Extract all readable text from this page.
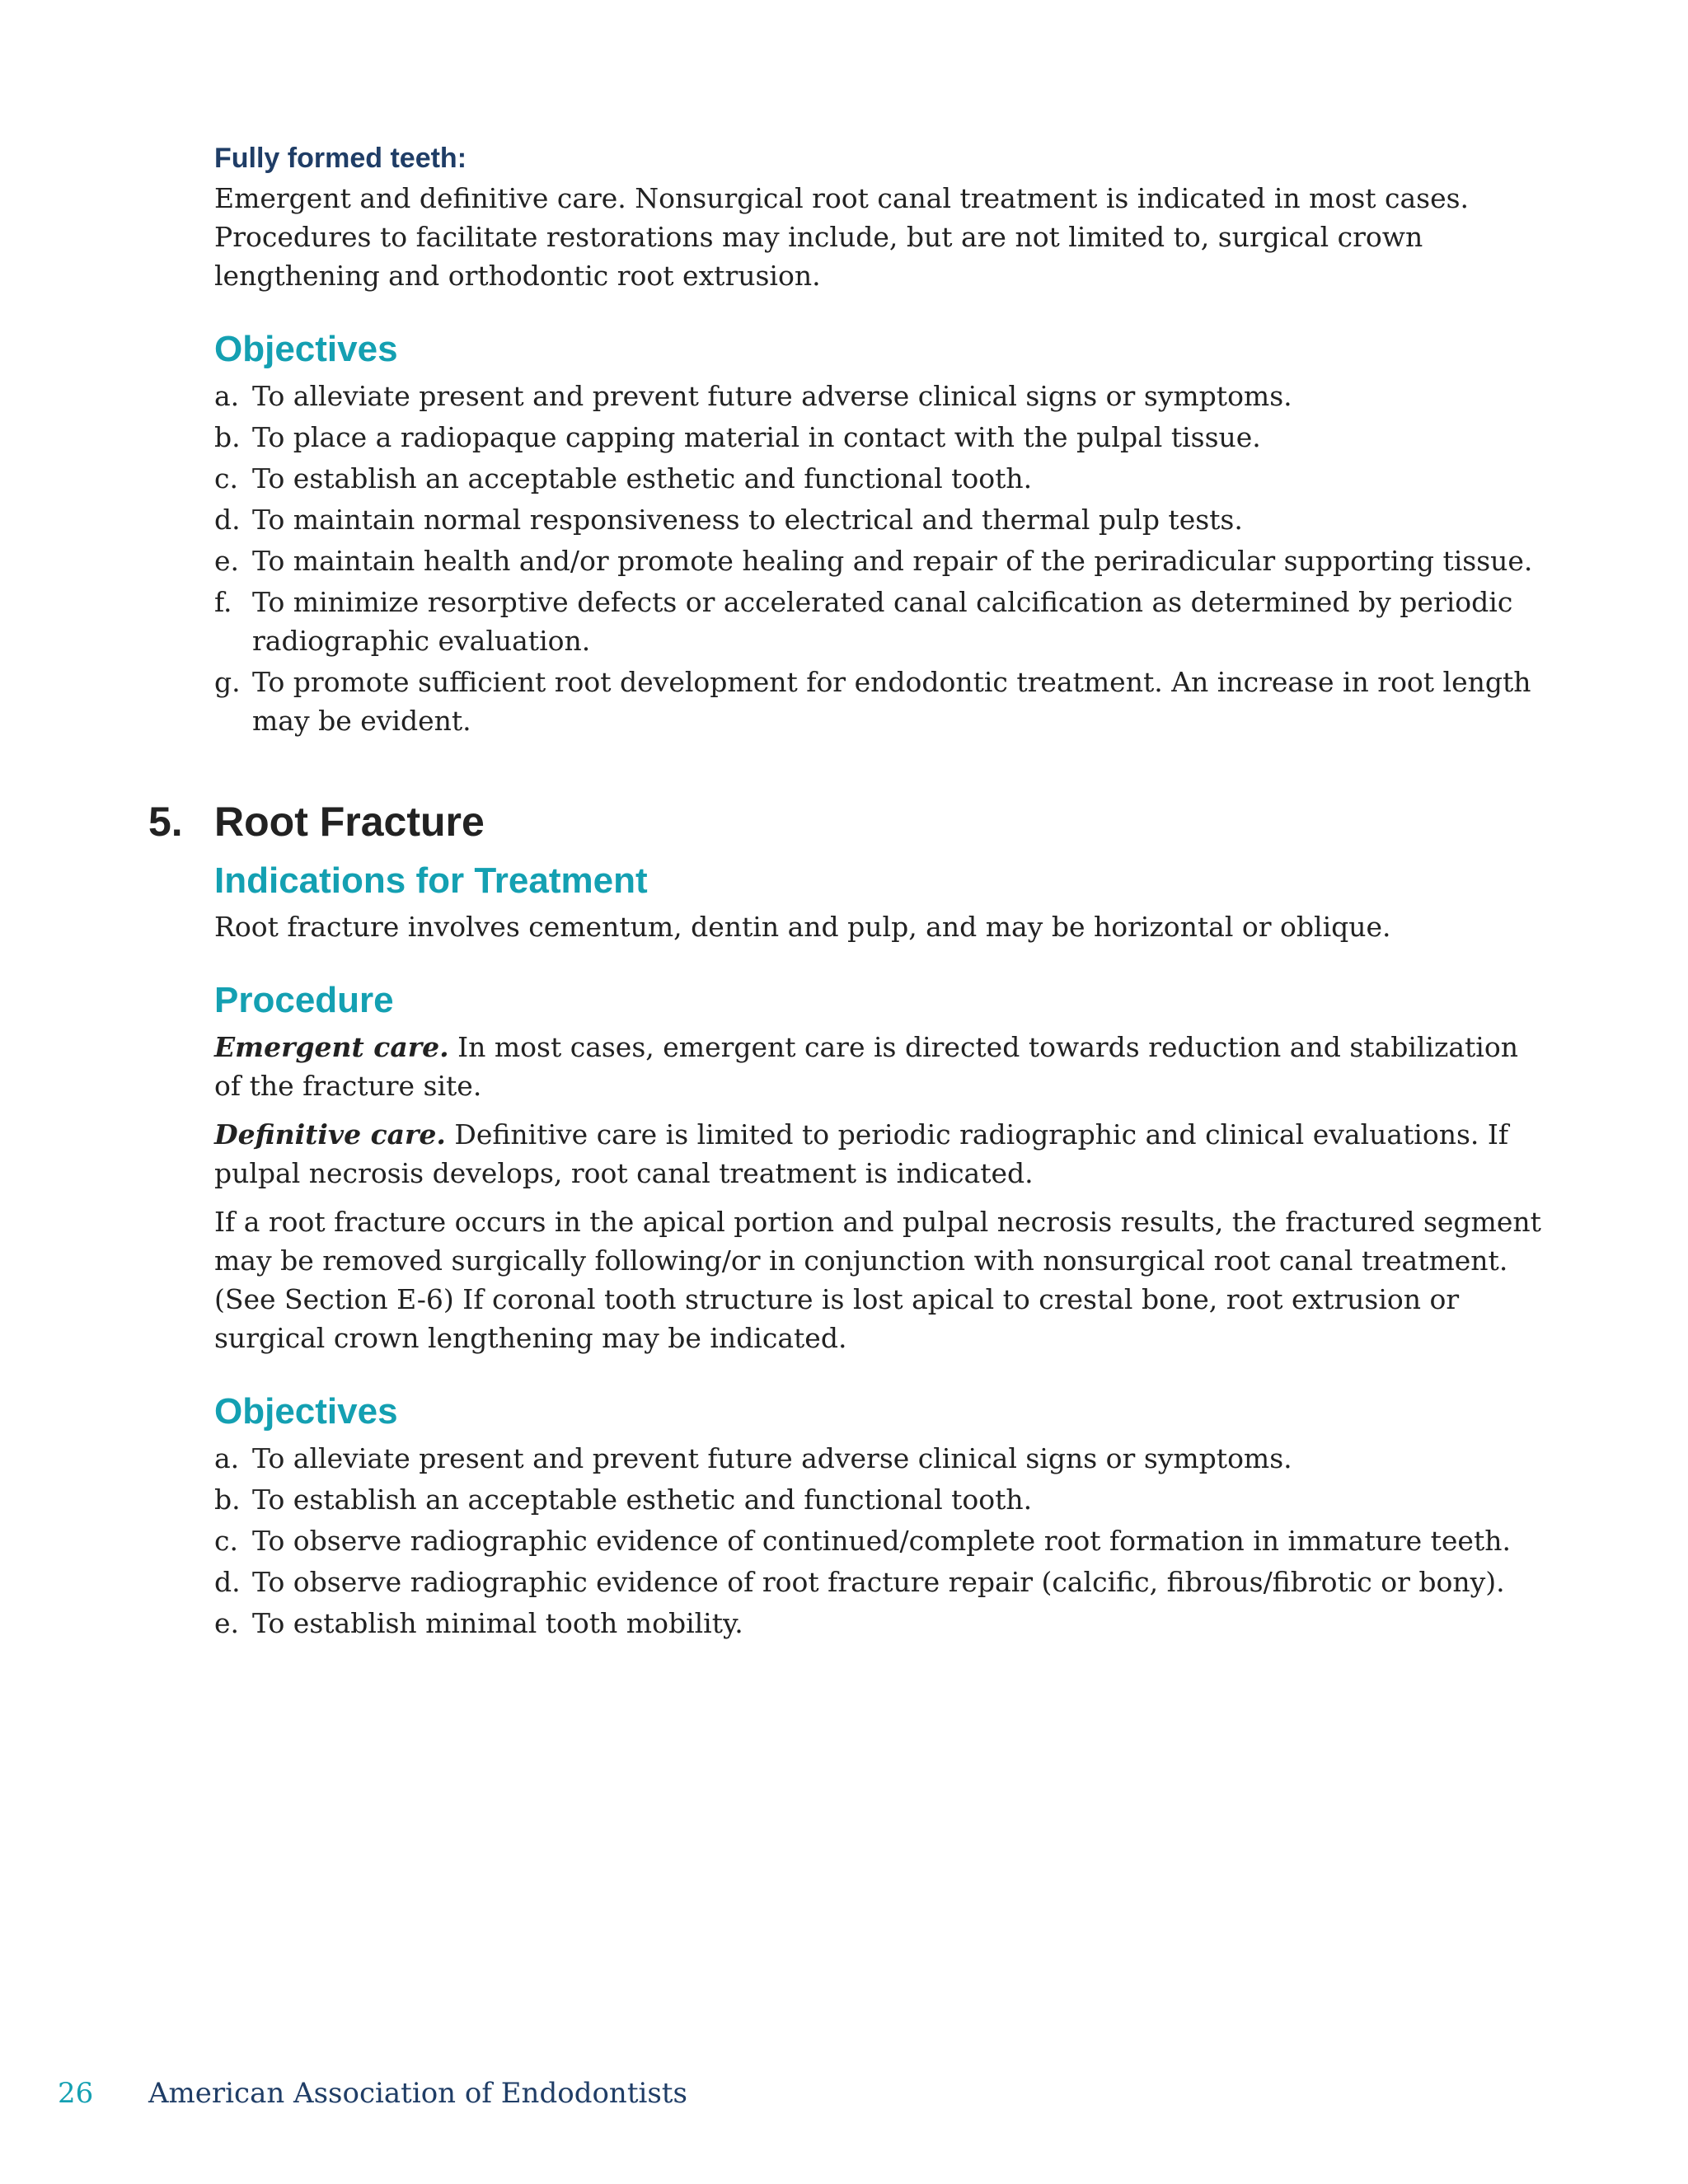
Fully formed teeth:

Emergent and definitive care. Nonsurgical root canal treatment is indicated in most cases. Procedures to facilitate restorations may include, but are not limited to, surgical crown lengthening and orthodontic root extrusion.

Objectives
a. To alleviate present and prevent future adverse clinical signs or symptoms.
b. To place a radiopaque capping material in contact with the pulpal tissue.
c. To establish an acceptable esthetic and functional tooth.
d. To maintain normal responsiveness to electrical and thermal pulp tests.
e. To maintain health and/or promote healing and repair of the periradicular supporting tissue.
f. To minimize resorptive defects or accelerated canal calcification as determined by periodic radiographic evaluation.
g. To promote sufficient root development for endodontic treatment. An increase in root length may be evident.
5. Root Fracture
Indications for Treatment

Root fracture involves cementum, dentin and pulp, and may be horizontal or oblique.

Procedure

Emergent care. In most cases, emergent care is directed towards reduction and stabilization of the fracture site.

Definitive care. Definitive care is limited to periodic radiographic and clinical evaluations. If pulpal necrosis develops, root canal treatment is indicated.

If a root fracture occurs in the apical portion and pulpal necrosis results, the fractured segment may be removed surgically following/or in conjunction with nonsurgical root canal treatment. (See Section E-6) If coronal tooth structure is lost apical to crestal bone, root extrusion or surgical crown lengthening may be indicated.

Objectives
a. To alleviate present and prevent future adverse clinical signs or symptoms.
b. To establish an acceptable esthetic and functional tooth.
c. To observe radiographic evidence of continued/complete root formation in immature teeth.
d. To observe radiographic evidence of root fracture repair (calcific, fibrous/fibrotic or bony).
e. To establish minimal tooth mobility.
26 American Association of Endodontists
